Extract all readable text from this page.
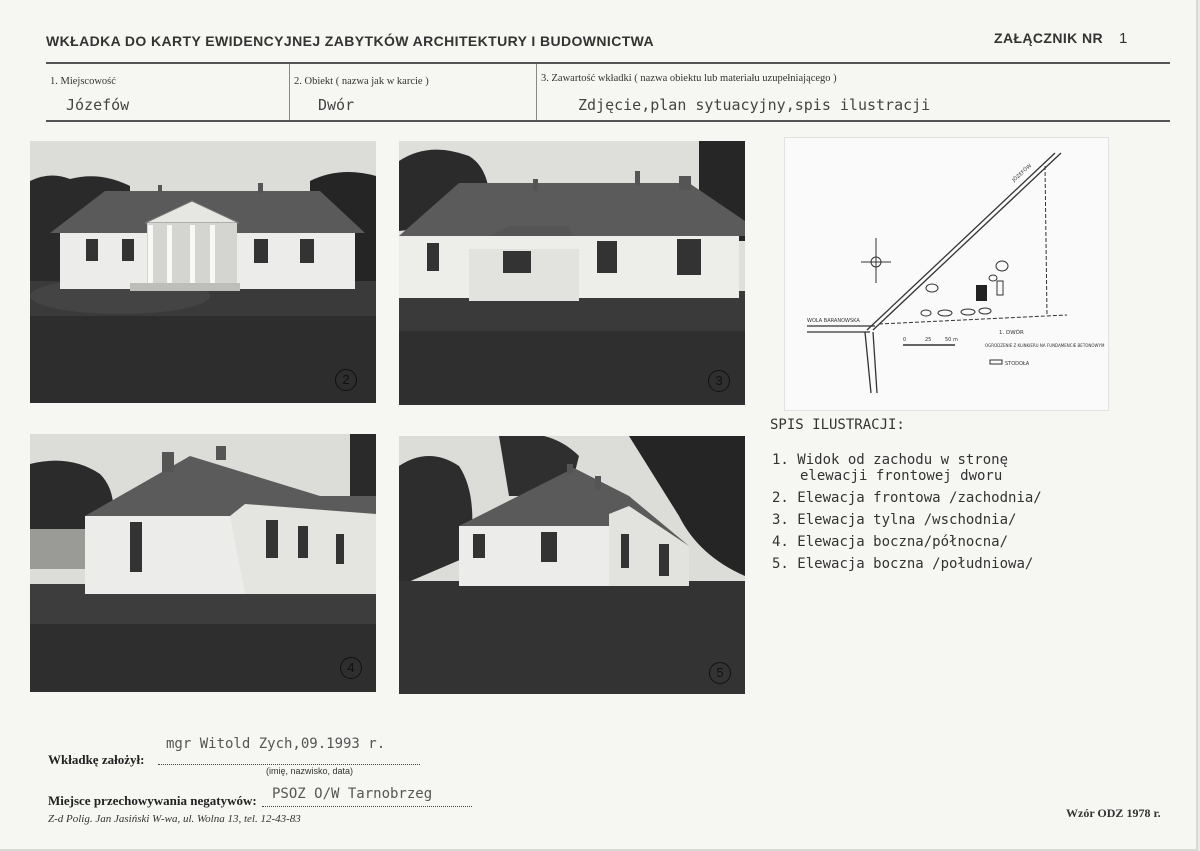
WKŁADKA DO KARTY EWIDENCYJNEJ ZABYTKÓW ARCHITEKTURY I BUDOWNICTWA	ZAŁĄCZNIK NR 1
1. Miejscowość
Józefów
2. Obiekt ( nazwa jak w karcie )
Dwór
3. Zawartość wkładki ( nazwa obiektu lub materiału uzupełniającego )
Zdjęcie,plan sytuacyjny,spis ilustracji
2	3
4	5
WOLA BARANOWSKA
JÓZEFÓW
1. DWÓR
OGRODZENIE Z KLINKIERU NA FUNDAMENCIE BETONOWYM
STODOŁA
0	25	50 m
SPIS ILUSTRACJI:
1. Widok od zachodu w stronę
elewacji frontowej dworu
2. Elewacja frontowa /zachodnia/
3. Elewacja tylna /wschodnia/
4. Elewacja boczna/północna/
5. Elewacja boczna /południowa/
Wkładkę założył:
mgr Witold Zych,09.1993 r.
(imię, nazwisko, data)
Miejsce przechowywania negatywów: PSOZ O/W Tarnobrzeg
Z-d Polig. Jan Jasiński W-wa, ul. Wolna 13, tel. 12-43-83	Wzór ODZ 1978 r.
